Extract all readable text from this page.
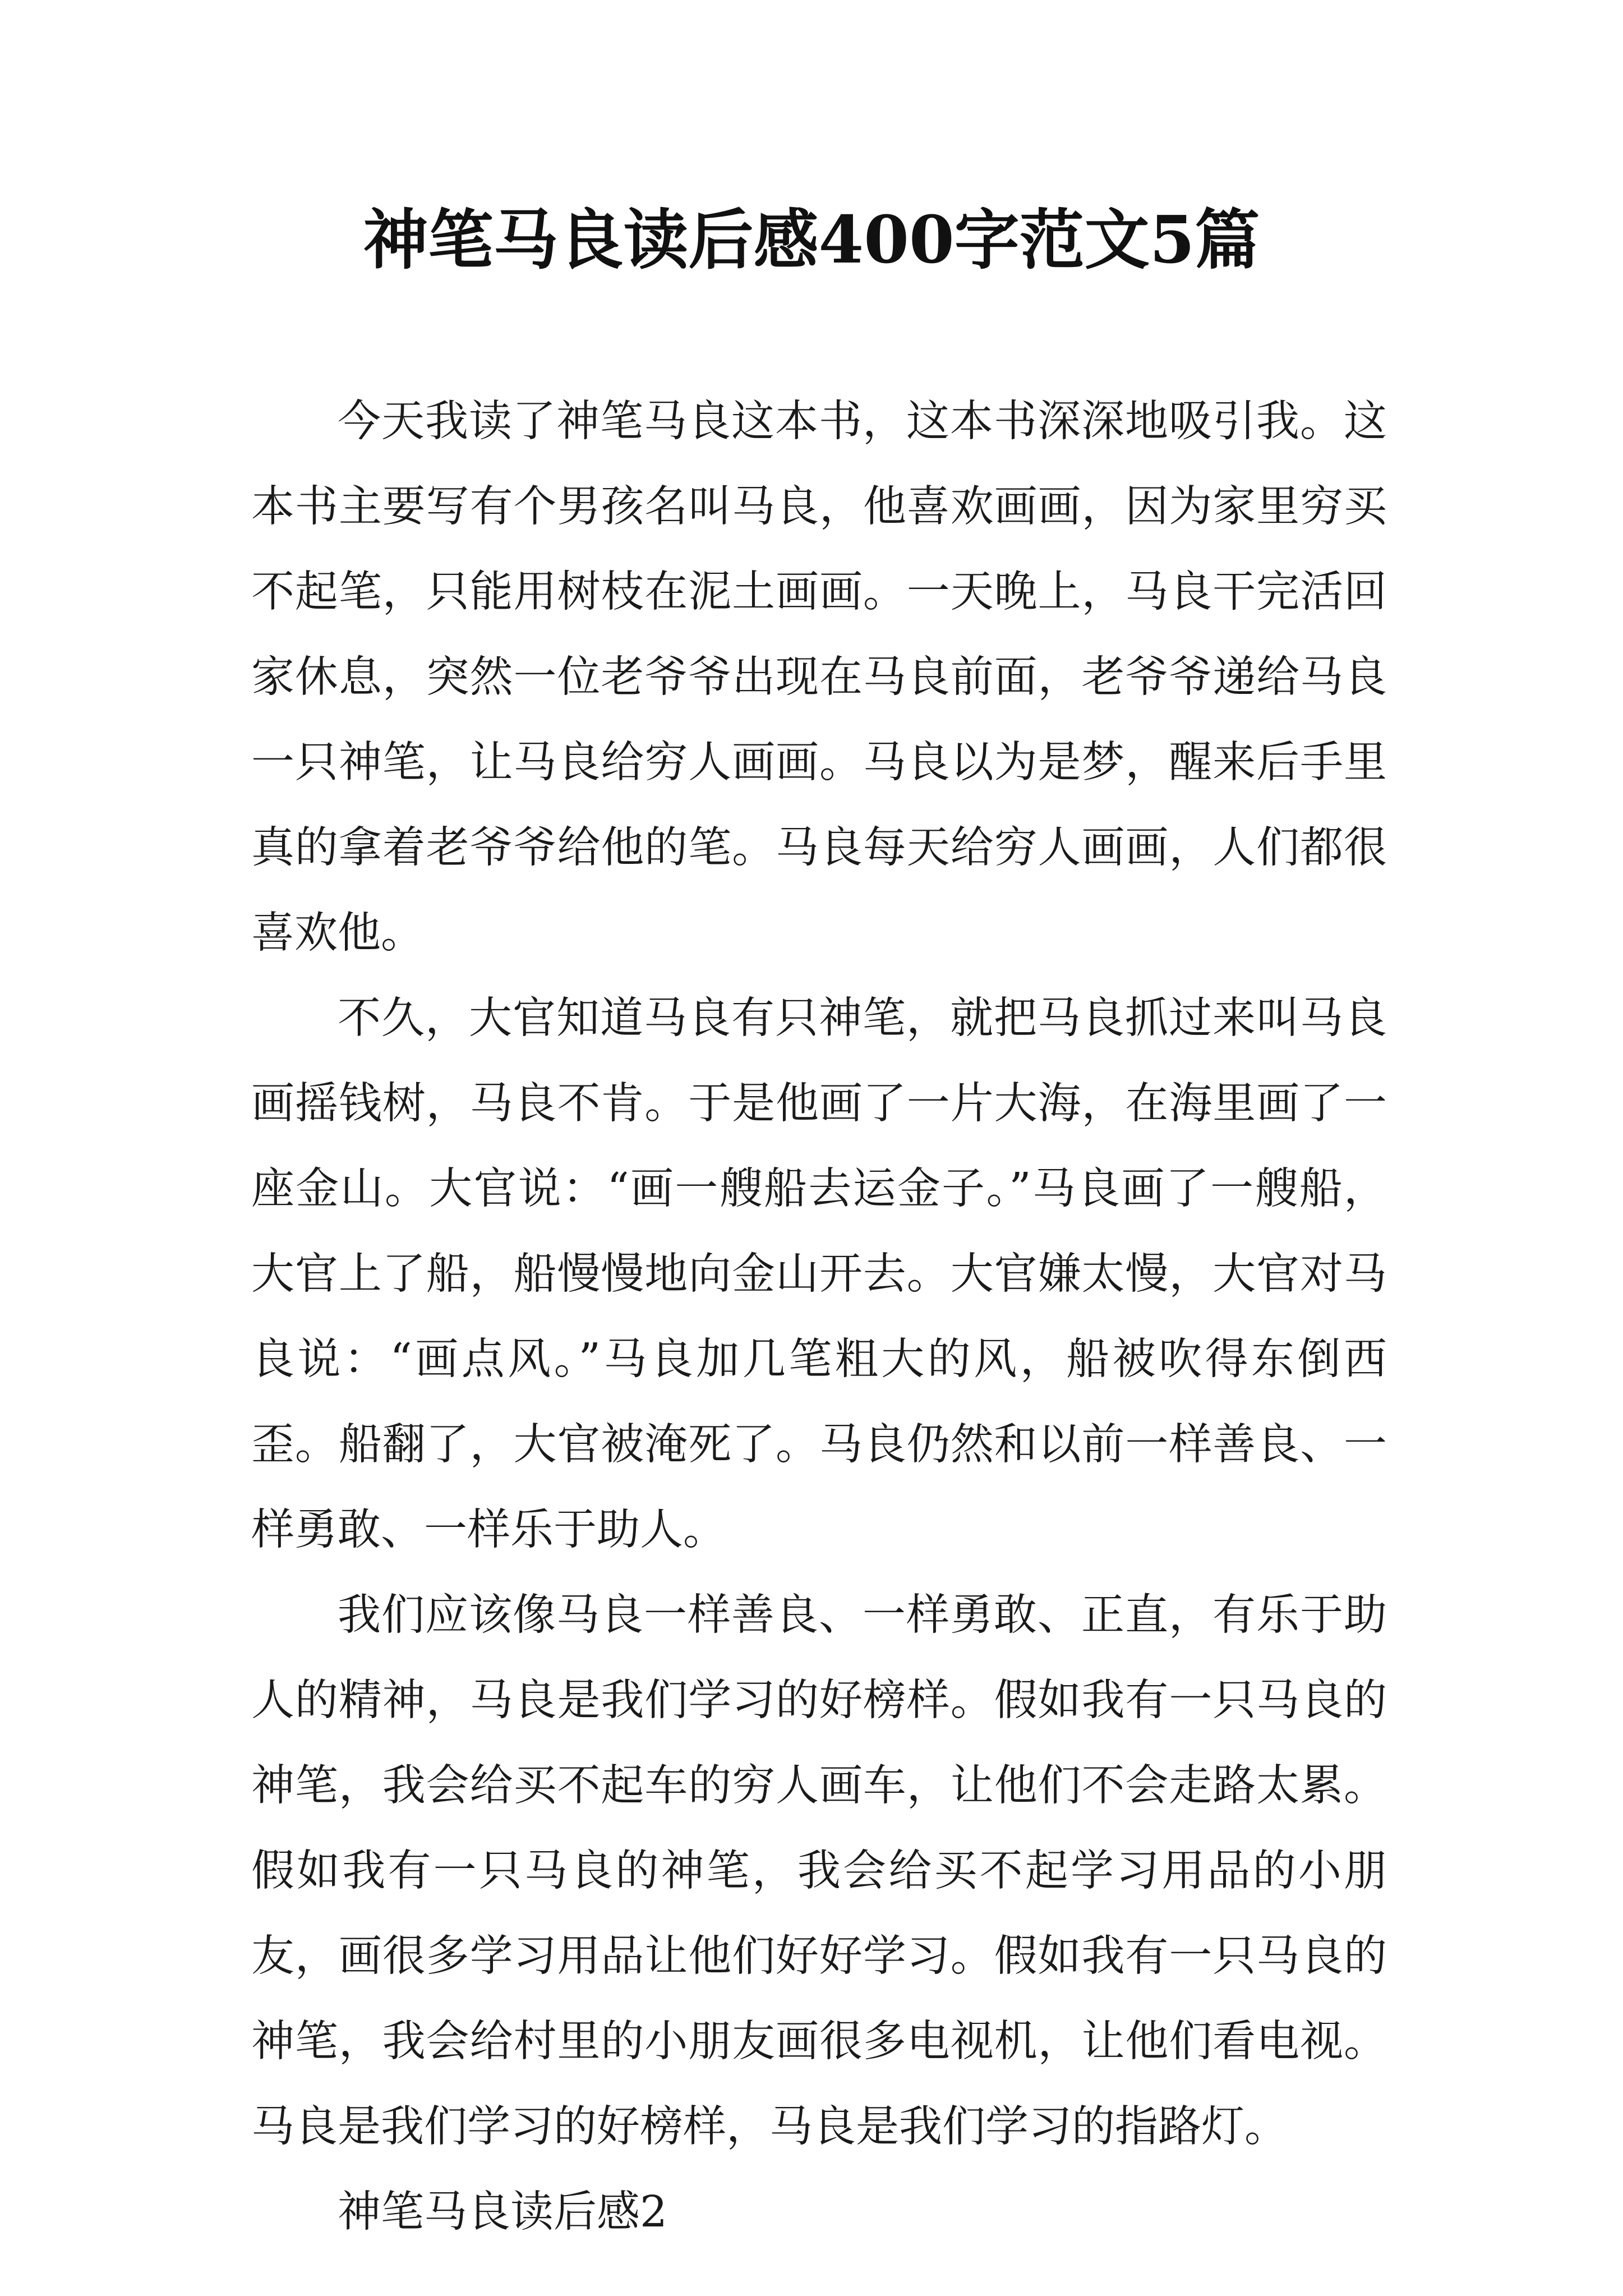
神笔马良读后感400字范文5篇

今天我读了神笔马良这本书，这本书深深地吸引我。这本书主要写有个男孩名叫马良，他喜欢画画，因为家里穷买不起笔，只能用树枝在泥土画画。一天晚上，马良干完活回家休息，突然一位老爷爷出现在马良前面，老爷爷递给马良一只神笔，让马良给穷人画画。马良以为是梦，醒来后手里真的拿着老爷爷给他的笔。马良每天给穷人画画，人们都很喜欢他。

不久，大官知道马良有只神笔，就把马良抓过来叫马良画摇钱树，马良不肯。于是他画了一片大海，在海里画了一座金山。大官说：“画一艘船去运金子。”马良画了一艘船，大官上了船，船慢慢地向金山开去。大官嫌太慢，大官对马良说：“画点风。”马良加几笔粗大的风，船被吹得东倒西歪。船翻了，大官被淹死了。马良仍然和以前一样善良、一样勇敢、一样乐于助人。

我们应该像马良一样善良、一样勇敢、正直，有乐于助人的精神，马良是我们学习的好榜样。假如我有一只马良的神笔，我会给买不起车的穷人画车，让他们不会走路太累。假如我有一只马良的神笔，我会给买不起学习用品的小朋友，画很多学习用品让他们好好学习。假如我有一只马良的神笔，我会给村里的小朋友画很多电视机，让他们看电视。马良是我们学习的好榜样，马良是我们学习的指路灯。

神笔马良读后感2
